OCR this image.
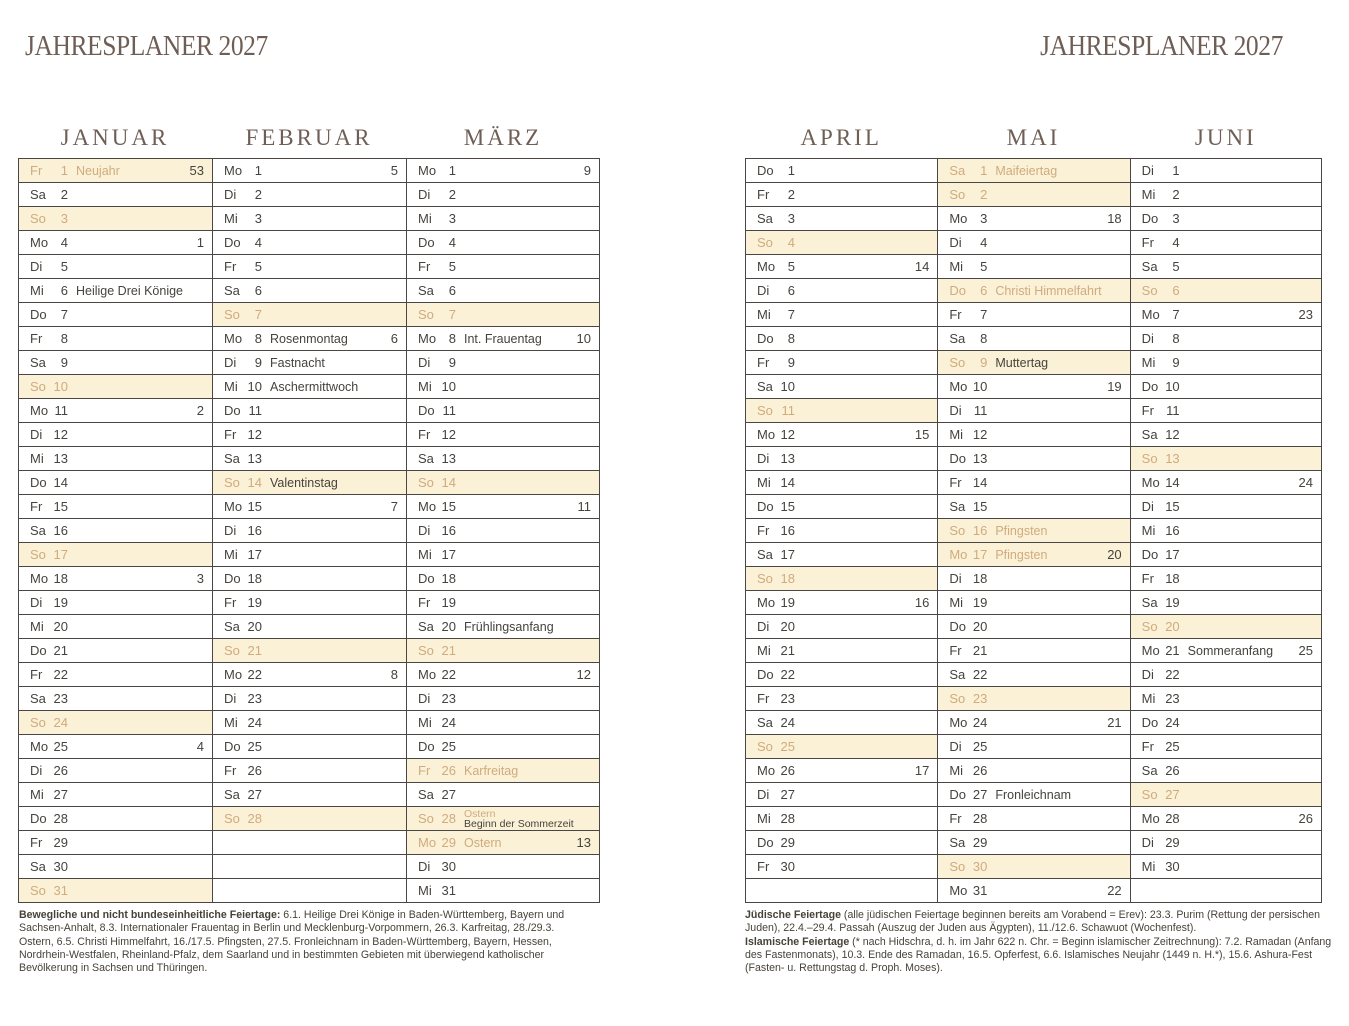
JAHRESPLANER 2027	JAHRESPLANER 2027
JANUAR
Fr	1 Neujahr	53
Sa	2
So	3
Mo 4	1
Di	5
Mi	6 Heilige Drei Könige
Do	7
Fr	8
Sa	9
So 10
Mo 11	2
Di 12
Mi 13
Do 14
Fr 15
Sa 16
So 17
Mo 18	3
Di 19
Mi 20
Do 21
Fr 22
Sa 23
So 24
Mo 25	4
Di 26
Mi 27
Do 28
Fr 29
Sa 30
So 31
FEBRUAR
Mo 1	5
Di	2
Mi	3
Do	4
Fr	5
Sa	6
So	7
Mo 8 Rosenmontag	6
Di	9 Fastnacht
Mi 10 Aschermittwoch
Do 11
Fr 12
Sa 13
So 14 Valentinstag
Mo 15	7
Di 16
Mi 17
Do 18
Fr 19
Sa 20
So 21
Mo 22	8
Di 23
Mi 24
Do 25
Fr 26
Sa 27
So 28
MÄRZ
Mo 1	9
Di	2
Mi	3
Do	4
Fr	5
Sa	6
So	7
Mo 8 Int. Frauentag	10
Di	9
Mi 10
Do 11
Fr 12
Sa 13
So 14
Mo 15	11
Di 16
Mi 17
Do 18
Fr 19
Sa 20 Frühlingsanfang
So 21
Mo 22	12
Di 23
Mi 24
Do 25
Fr 26 Karfreitag
Sa 27
So 28 Ostern
Beginn der Sommerzeit
Mo 29 Ostern	13
Di 30
Mi 31
APRIL
Do	1
Fr	2
Sa	3
So	4
Mo 5	14
Di	6
Mi	7
Do	8
Fr	9
Sa 10
So 11
Mo 12	15
Di 13
Mi 14
Do 15
Fr 16
Sa 17
So 18
Mo 19	16
Di 20
Mi 21
Do 22
Fr 23
Sa 24
So 25
Mo 26	17
Di 27
Mi 28
Do 29
Fr 30
MAI
Sa	1 Maifeiertag
So	2
Mo 3	18
Di	4
Mi	5
Do	6 Christi Himmelfahrt
Fr	7
Sa	8
So	9 Muttertag
Mo 10	19
Di 11
Mi 12
Do 13
Fr 14
Sa 15
So 16 Pfingsten
Mo 17 Pfingsten	20
Di 18
Mi 19
Do 20
Fr 21
Sa 22
So 23
Mo 24	21
Di 25
Mi 26
Do 27 Fronleichnam
Fr 28
Sa 29
So 30
Mo 31	22
JUNI
Di	1
Mi	2
Do	3
Fr	4
Sa	5
So	6
Mo 7	23
Di	8
Mi	9
Do 10
Fr 11
Sa 12
So 13
Mo 14	24
Di 15
Mi 16
Do 17
Fr 18
Sa 19
So 20
Mo 21 Sommeranfang	25
Di 22
Mi 23
Do 24
Fr 25
Sa 26
So 27
Mo 28	26
Di 29
Mi 30

Bewegliche und nicht bundeseinheitliche Feiertage: 6.1. Heilige Drei Könige in Baden-Württemberg, Bayern und Sachsen-Anhalt, 8.3. Internationaler Frauentag in Berlin und Mecklenburg-Vorpommern, 26.3. Karfreitag, 28./29.3. Ostern, 6.5. Christi Himmelfahrt, 16./17.5. Pfingsten, 27.5. Fronleichnam in Baden-Württemberg, Bayern, Hessen, Nordrhein-Westfalen, Rheinland-Pfalz, dem Saarland und in bestimmten Gebieten mit überwiegend katholischer Bevölkerung in Sachsen und Thüringen.

Jüdische Feiertage (alle jüdischen Feiertage beginnen bereits am Vorabend = Erev): 23.3. Purim (Rettung der persischen Juden), 22.4.–29.4. Passah (Auszug der Juden aus Ägypten), 11./12.6. Schawuot (Wochenfest).

Islamische Feiertage (* nach Hidschra, d. h. im Jahr 622 n. Chr. = Beginn islamischer Zeitrechnung): 7.2. Ramadan (Anfang des Fastenmonats), 10.3. Ende des Ramadan, 16.5. Opferfest, 6.6. Islamisches Neujahr (1449 n. H.*), 15.6. Ashura-Fest (Fasten- u. Rettungstag d. Proph. Moses).
